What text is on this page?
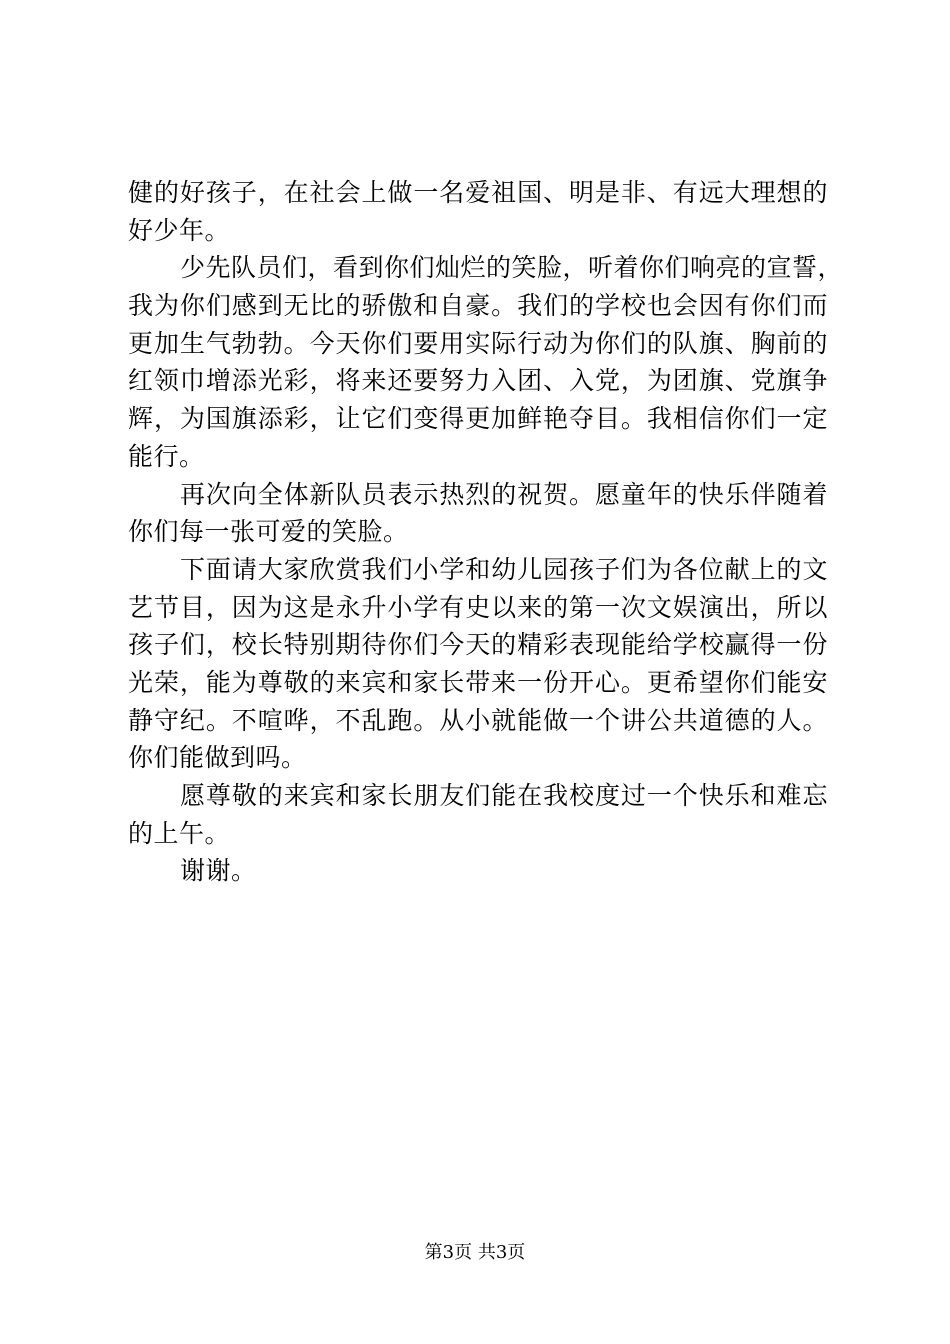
健的好孩子，在社会上做一名爱祖国、明是非、有远大理想的
好少年。
少先队员们，看到你们灿烂的笑脸，听着你们响亮的宣誓，
我为你们感到无比的骄傲和自豪。我们的学校也会因有你们而
更加生气勃勃。今天你们要用实际行动为你们的队旗、胸前的
红领巾增添光彩，将来还要努力入团、入党，为团旗、党旗争
辉，为国旗添彩，让它们变得更加鲜艳夺目。我相信你们一定
能行。
再次向全体新队员表示热烈的祝贺。愿童年的快乐伴随着
你们每一张可爱的笑脸。
下面请大家欣赏我们小学和幼儿园孩子们为各位献上的文
艺节目，因为这是永升小学有史以来的第一次文娱演出，所以
孩子们，校长特别期待你们今天的精彩表现能给学校赢得一份
光荣，能为尊敬的来宾和家长带来一份开心。更希望你们能安
静守纪。不喧哗，不乱跑。从小就能做一个讲公共道德的人。
你们能做到吗。
愿尊敬的来宾和家长朋友们能在我校度过一个快乐和难忘
的上午。
谢谢。
第3页 共3页
